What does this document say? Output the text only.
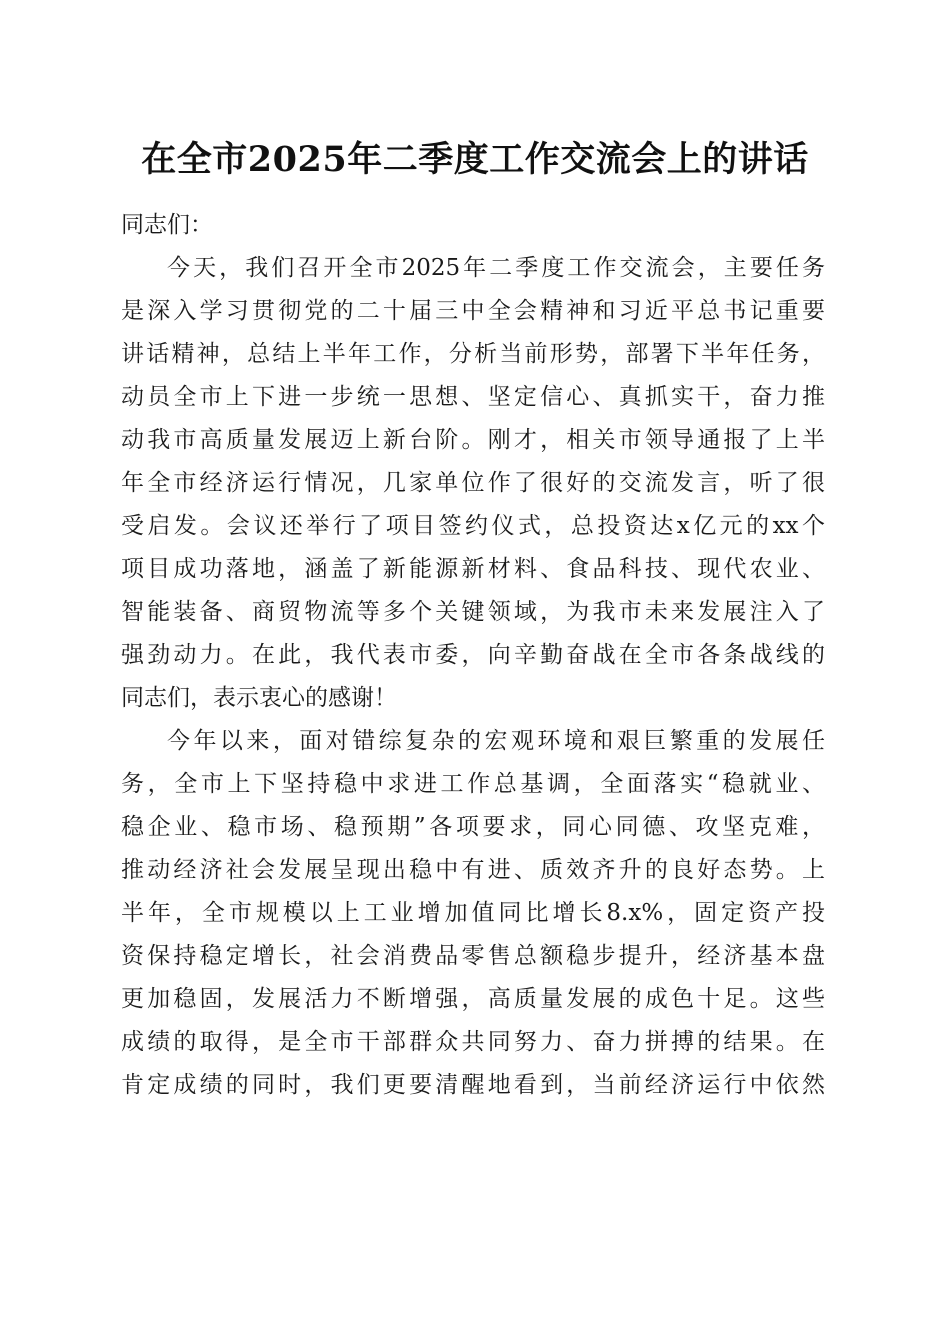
在全市2025年二季度工作交流会上的讲话
同志们：
今天，我们召开全市2025年二季度工作交流会，主要任务
是深入学习贯彻党的二十届三中全会精神和习近平总书记重要
讲话精神，总结上半年工作，分析当前形势，部署下半年任务，
动员全市上下进一步统一思想、坚定信心、真抓实干，奋力推
动我市高质量发展迈上新台阶。刚才，相关市领导通报了上半
年全市经济运行情况，几家单位作了很好的交流发言，听了很
受启发。会议还举行了项目签约仪式，总投资达x亿元的xx个
项目成功落地，涵盖了新能源新材料、食品科技、现代农业、
智能装备、商贸物流等多个关键领域，为我市未来发展注入了
强劲动力。在此，我代表市委，向辛勤奋战在全市各条战线的
同志们，表示衷心的感谢！
今年以来，面对错综复杂的宏观环境和艰巨繁重的发展任
务，全市上下坚持稳中求进工作总基调，全面落实“稳就业、
稳企业、稳市场、稳预期”各项要求，同心同德、攻坚克难，
推动经济社会发展呈现出稳中有进、质效齐升的良好态势。上
半年，全市规模以上工业增加值同比增长8.x%，固定资产投
资保持稳定增长，社会消费品零售总额稳步提升，经济基本盘
更加稳固，发展活力不断增强，高质量发展的成色十足。这些
成绩的取得，是全市干部群众共同努力、奋力拼搏的结果。在
肯定成绩的同时，我们更要清醒地看到，当前经济运行中依然
